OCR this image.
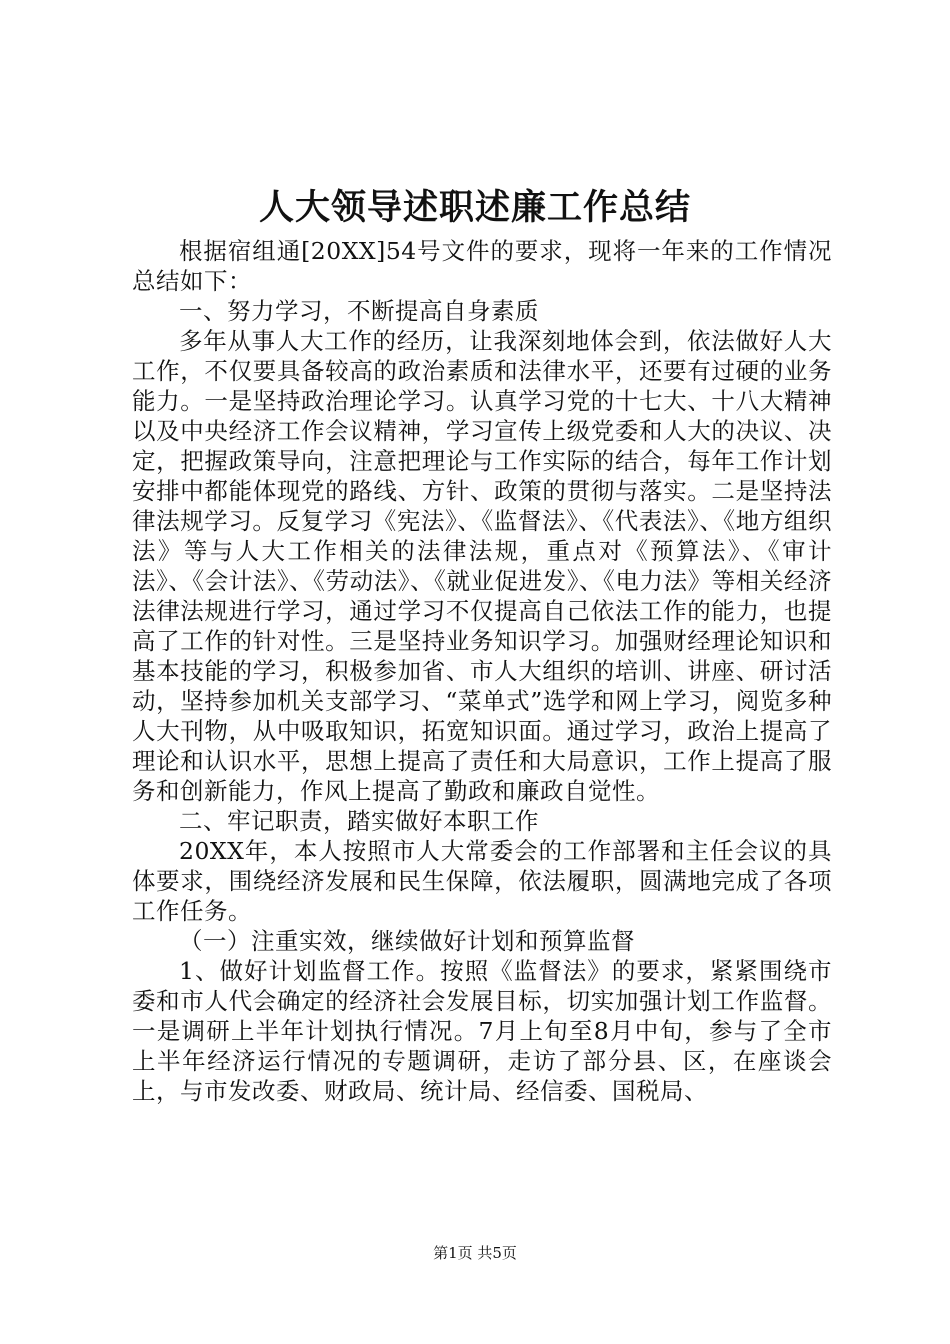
人大领导述职述廉工作总结

根据宿组通[20XX]54号文件的要求，现将一年来的工作情况总结如下：

一、努力学习，不断提高自身素质

多年从事人大工作的经历，让我深刻地体会到，依法做好人大工作，不仅要具备较高的政治素质和法律水平，还要有过硬的业务能力。一是坚持政治理论学习。认真学习党的十七大、十八大精神以及中央经济工作会议精神，学习宣传上级党委和人大的决议、决定，把握政策导向，注意把理论与工作实际的结合，每年工作计划安排中都能体现党的路线、方针、政策的贯彻与落实。二是坚持法律法规学习。反复学习《宪法》、《监督法》、《代表法》、《地方组织法》等与人大工作相关的法律法规，重点对《预算法》、《审计法》、《会计法》、《劳动法》、《就业促进发》、《电力法》等相关经济法律法规进行学习，通过学习不仅提高自己依法工作的能力，也提高了工作的针对性。三是坚持业务知识学习。加强财经理论知识和基本技能的学习，积极参加省、市人大组织的培训、讲座、研讨活动，坚持参加机关支部学习、“菜单式”选学和网上学习，阅览多种人大刊物，从中吸取知识，拓宽知识面。通过学习，政治上提高了理论和认识水平，思想上提高了责任和大局意识，工作上提高了服务和创新能力，作风上提高了勤政和廉政自觉性。

二、牢记职责，踏实做好本职工作

20XX年，本人按照市人大常委会的工作部署和主任会议的具体要求，围绕经济发展和民生保障，依法履职，圆满地完成了各项工作任务。

（一）注重实效，继续做好计划和预算监督

1、做好计划监督工作。按照《监督法》的要求，紧紧围绕市委和市人代会确定的经济社会发展目标，切实加强计划工作监督。一是调研上半年计划执行情况。7月上旬至8月中旬，参与了全市上半年经济运行情况的专题调研，走访了部分县、区，在座谈会上，与市发改委、财政局、统计局、经信委、国税局、

第1页 共5页
